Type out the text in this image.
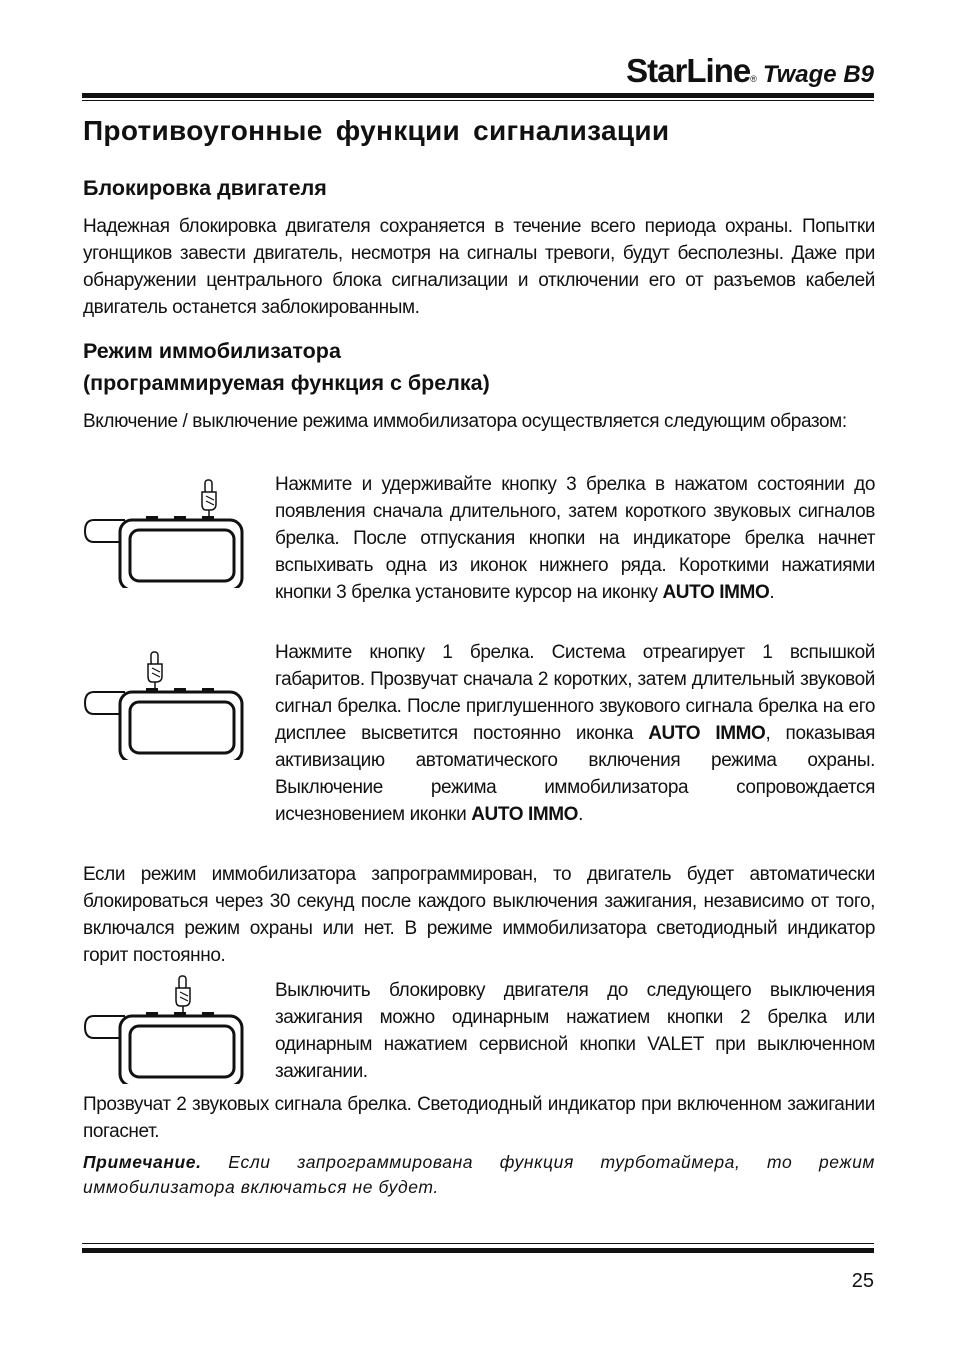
StarLine ® Twage B9
Противоугонные функции сигнализации
Блокировка двигателя

Надежная блокировка двигателя сохраняется в течение всего периода охраны. Попытки угонщиков завести двигатель, несмотря на сигналы тревоги, будут бесполезны. Даже при обнаружении центрального блока сигнализации и отключении его от разъемов кабелей двигатель останется заблокированным.

Режим иммобилизатора
(программируемая функция с брелка)

Включение / выключение режима иммобилизатора осуществляется следующим образом:

Нажмите и удерживайте кнопку 3 брелка в нажатом состоянии до появления сначала длительного, затем короткого звуковых сигналов брелка. После отпускания кнопки на индикаторе брелка начнет вспыхивать одна из иконок нижнего ряда. Короткими нажатиями кнопки 3 брелка установите курсор на иконку AUTO IMMO.

Нажмите кнопку 1 брелка. Система отреагирует 1 вспышкой габаритов. Прозвучат сначала 2 коротких, затем длительный звуковой сигнал брелка. После приглушенного звукового сигнала брелка на его дисплее высветится постоянно иконка AUTO IMMO, показывая активизацию автоматического включения режима охраны. Выключение режима иммобилизатора сопровождается исчезновением иконки AUTO IMMO.

Если режим иммобилизатора запрограммирован, то двигатель будет автоматически блокироваться через 30 секунд после каждого выключения зажигания, независимо от того, включался режим охраны или нет. В режиме иммобилизатора светодиодный индикатор горит постоянно.

Выключить блокировку двигателя до следующего выключения зажигания можно одинарным нажатием кнопки 2 брелка или одинарным нажатием сервисной кнопки VALET при выключенном зажигании.

Прозвучат 2 звуковых сигнала брелка. Светодиодный индикатор при включенном зажигании погаснет.

Примечание. Если запрограммирована функция турботаймера, то режим иммобилизатора включаться не будет.

25
